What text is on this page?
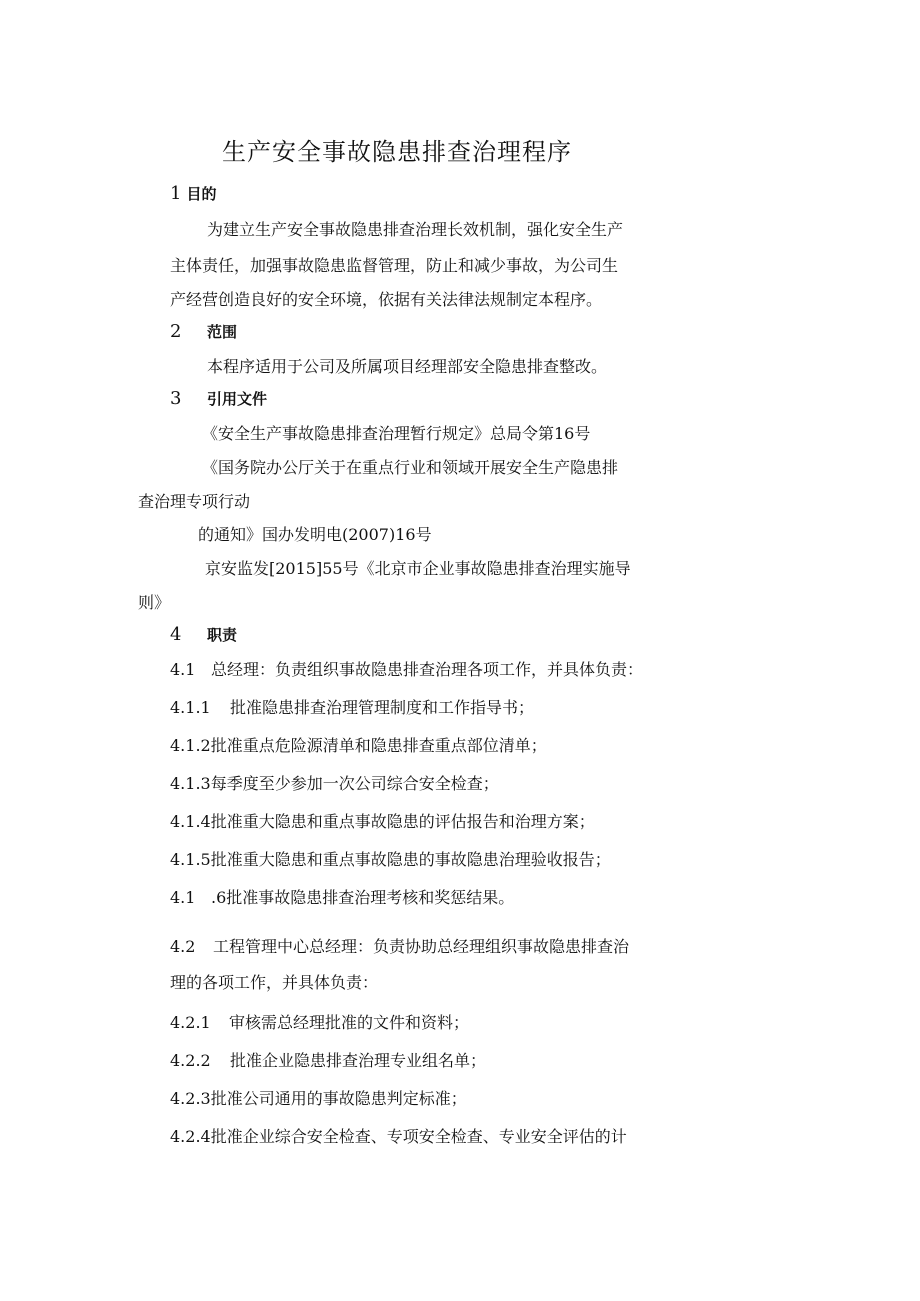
生产安全事故隐患排查治理程序
1 目的
为建立生产安全事故隐患排查治理长效机制，强化安全生产
主体责任，加强事故隐患监督管理，防止和减少事故，为公司生
产经营创造良好的安全环境，依据有关法律法规制定本程序。
2 范围
本程序适用于公司及所属项目经理部安全隐患排查整改。
3 引用文件
《安全生产事故隐患排查治理暂行规定》总局令第16号
《国务院办公厅关于在重点行业和领域开展安全生产隐患排
查治理专项行动
的通知》国办发明电(2007)16号
京安监发[2015]55号《北京市企业事故隐患排查治理实施导
则》
4 职责
4.1 总经理：负责组织事故隐患排查治理各项工作，并具体负责：
4.1.1 批准隐患排查治理管理制度和工作指导书；
4.1.2批准重点危险源清单和隐患排查重点部位清单；
4.1.3每季度至少参加一次公司综合安全检查；
4.1.4批准重大隐患和重点事故隐患的评估报告和治理方案；
4.1.5批准重大隐患和重点事故隐患的事故隐患治理验收报告；
4.1 .6批准事故隐患排查治理考核和奖惩结果。
4.2 工程管理中心总经理：负责协助总经理组织事故隐患排查治
理的各项工作，并具体负责：
4.2.1 审核需总经理批准的文件和资料；
4.2.2 批准企业隐患排查治理专业组名单；
4.2.3批准公司通用的事故隐患判定标准；
4.2.4批准企业综合安全检查、专项安全检查、专业安全评估的计
